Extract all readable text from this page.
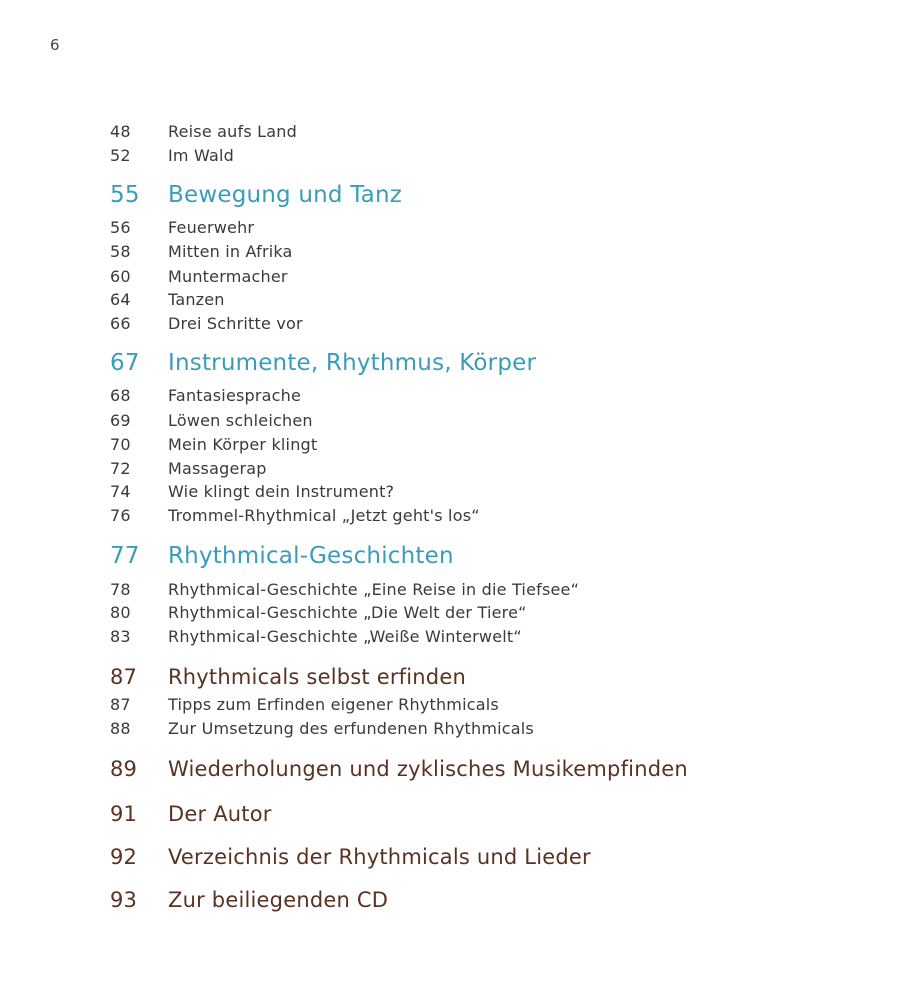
6
48	Reise aufs Land
52	Im Wald
55	Bewegung und Tanz
56	Feuerwehr
58	Mitten in Afrika
60	Muntermacher
64	Tanzen
66	Drei Schritte vor
67	Instrumente, Rhythmus, Körper
68	Fantasiesprache
69	Löwen schleichen
70	Mein Körper klingt
72	Massagerap
74	Wie klingt dein Instrument?
76	Trommel-Rhythmical „Jetzt geht's los“
77	Rhythmical-Geschichten
78	Rhythmical-Geschichte „Eine Reise in die Tiefsee“
80	Rhythmical-Geschichte „Die Welt der Tiere“
83	Rhythmical-Geschichte „Weiße Winterwelt“
87	Rhythmicals selbst erfinden
87	Tipps zum Erfinden eigener Rhythmicals
88	Zur Umsetzung des erfundenen Rhythmicals
89	Wiederholungen und zyklisches Musikempfinden
91	Der Autor
92	Verzeichnis der Rhythmicals und Lieder
93	Zur beiliegenden CD
